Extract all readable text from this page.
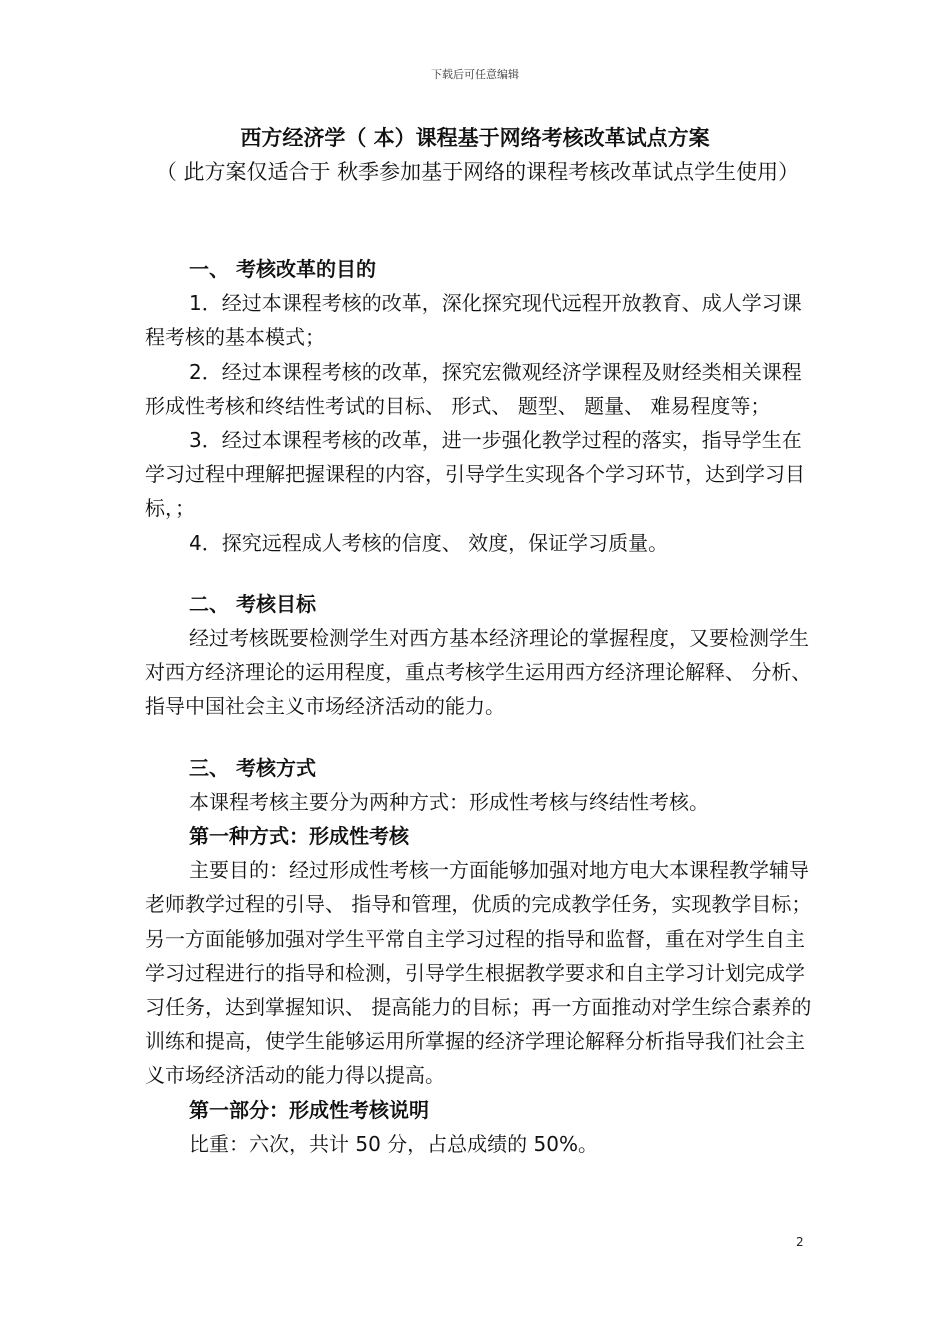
下载后可任意编辑
西方经济学（ 本）课程基于网络考核改革试点方案
（ 此方案仅适合于 秋季参加基于网络的课程考核改革试点学生使用）

一、 考核改革的目的

1．经过本课程考核的改革，深化探究现代远程开放教育、成人学习课程考核的基本模式；

2．经过本课程考核的改革，探究宏微观经济学课程及财经类相关课程形成性考核和终结性考试的目标、 形式、 题型、 题量、 难易程度等；

3．经过本课程考核的改革，进一步强化教学过程的落实，指导学生在学习过程中理解把握课程的内容，引导学生实现各个学习环节，达到学习目标，；

4．探究远程成人考核的信度、 效度，保证学习质量。

二、 考核目标

经过考核既要检测学生对西方基本经济理论的掌握程度，又要检测学生对西方经济理论的运用程度，重点考核学生运用西方经济理论解释、 分析、 指导中国社会主义市场经济活动的能力。

三、 考核方式

本课程考核主要分为两种方式：形成性考核与终结性考核。

第一种方式：形成性考核

主要目的：经过形成性考核一方面能够加强对地方电大本课程教学辅导老师教学过程的引导、 指导和管理，优质的完成教学任务，实现教学目标；另一方面能够加强对学生平常自主学习过程的指导和监督，重在对学生自主学习过程进行的指导和检测，引导学生根据教学要求和自主学习计划完成学习任务，达到掌握知识、 提高能力的目标；再一方面推动对学生综合素养的训练和提高，使学生能够运用所掌握的经济学理论解释分析指导我们社会主义市场经济活动的能力得以提高。

第一部分：形成性考核说明

比重：六次，共计 50 分，占总成绩的 50%。

2
